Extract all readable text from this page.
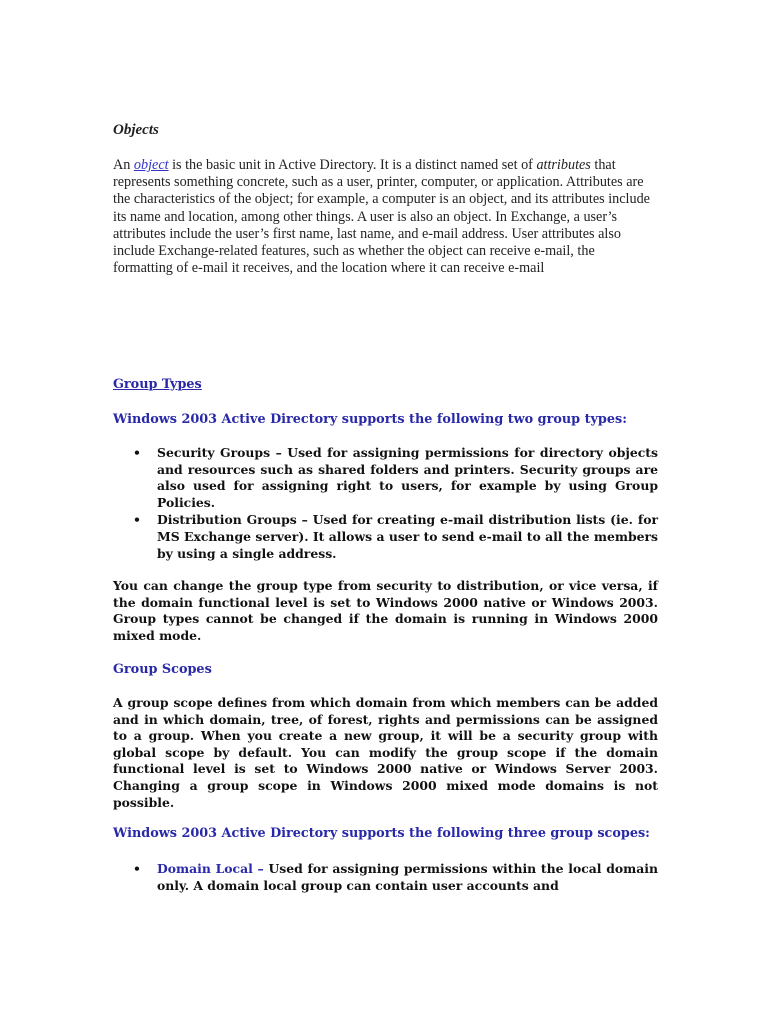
Objects
An object is the basic unit in Active Directory. It is a distinct named set of attributes that represents something concrete, such as a user, printer, computer, or application. Attributes are the characteristics of the object; for example, a computer is an object, and its attributes include its name and location, among other things. A user is also an object. In Exchange, a user’s attributes include the user’s first name, last name, and e-mail address. User attributes also include Exchange-related features, such as whether the object can receive e-mail, the formatting of e-mail it receives, and the location where it can receive e-mail
Group Types
Windows 2003 Active Directory supports the following two group types:
• Security Groups – Used for assigning permissions for directory objects and resources such as shared folders and printers. Security groups are also used for assigning right to users, for example by using Group Policies.
• Distribution Groups – Used for creating e-mail distribution lists (ie. for MS Exchange server). It allows a user to send e-mail to all the members by using a single address.
You can change the group type from security to distribution, or vice versa, if the domain functional level is set to Windows 2000 native or Windows 2003. Group types cannot be changed if the domain is running in Windows 2000 mixed mode.
Group Scopes
A group scope defines from which domain from which members can be added and in which domain, tree, of forest, rights and permissions can be assigned to a group. When you create a new group, it will be a security group with global scope by default. You can modify the group scope if the domain functional level is set to Windows 2000 native or Windows Server 2003. Changing a group scope in Windows 2000 mixed mode domains is not possible.
Windows 2003 Active Directory supports the following three group scopes:
• Domain Local – Used for assigning permissions within the local domain only. A domain local group can contain user accounts and
